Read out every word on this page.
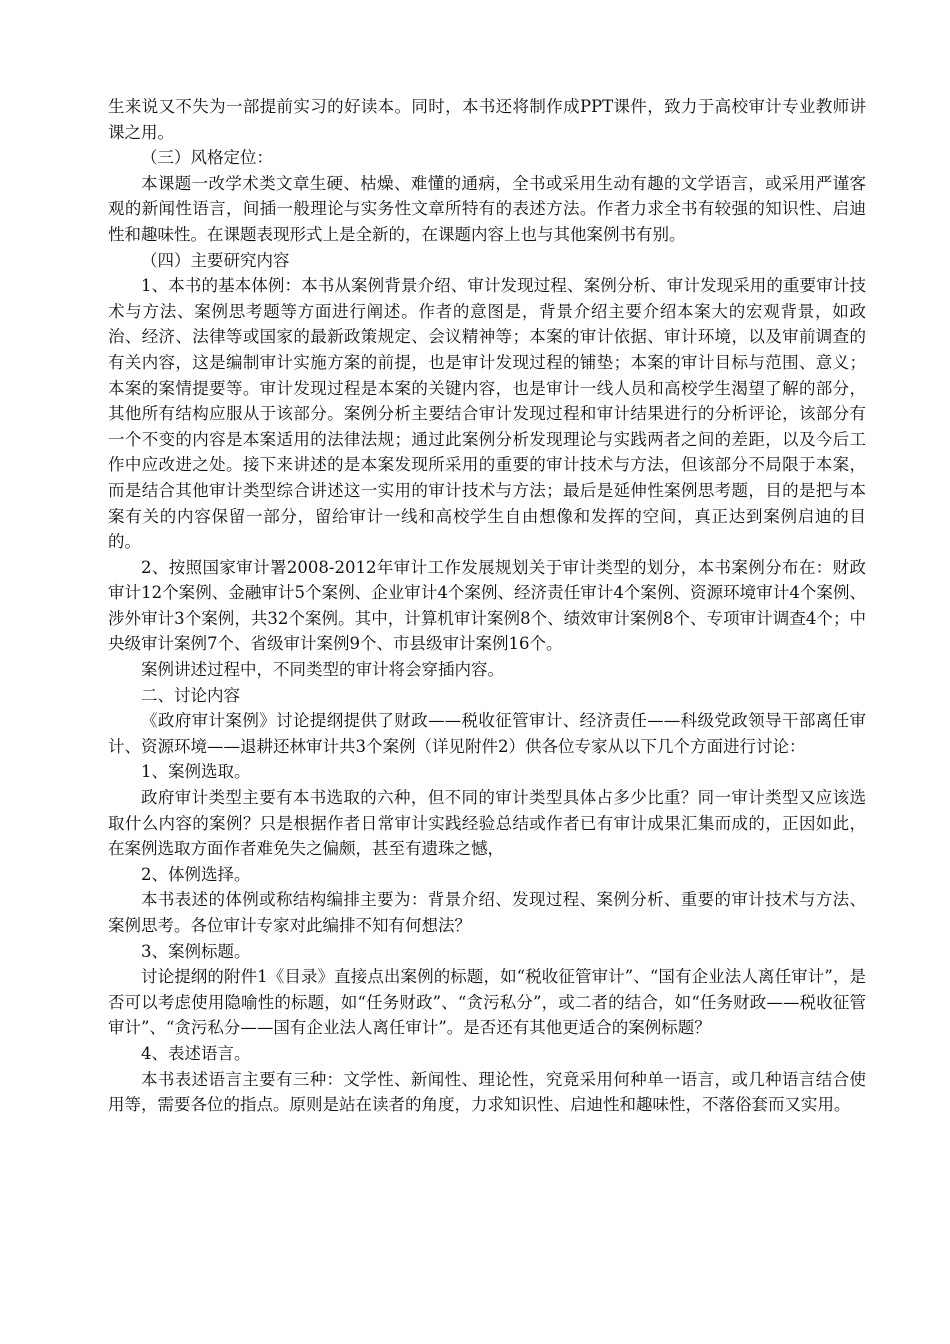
生来说又不失为一部提前实习的好读本。同时，本书还将制作成PPT课件，致力于高校审计专业教师讲课之用。

（三）风格定位：

本课题一改学术类文章生硬、枯燥、难懂的通病，全书或采用生动有趣的文学语言，或采用严谨客观的新闻性语言，间插一般理论与实务性文章所特有的表述方法。作者力求全书有较强的知识性、启迪性和趣味性。在课题表现形式上是全新的，在课题内容上也与其他案例书有别。

（四）主要研究内容

1、本书的基本体例：本书从案例背景介绍、审计发现过程、案例分析、审计发现采用的重要审计技术与方法、案例思考题等方面进行阐述。作者的意图是，背景介绍主要介绍本案大的宏观背景，如政治、经济、法律等或国家的最新政策规定、会议精神等；本案的审计依据、审计环境，以及审前调查的有关内容，这是编制审计实施方案的前提，也是审计发现过程的铺垫；本案的审计目标与范围、意义；本案的案情提要等。审计发现过程是本案的关键内容，也是审计一线人员和高校学生渴望了解的部分，其他所有结构应服从于该部分。案例分析主要结合审计发现过程和审计结果进行的分析评论，该部分有一个不变的内容是本案适用的法律法规；通过此案例分析发现理论与实践两者之间的差距，以及今后工作中应改进之处。接下来讲述的是本案发现所采用的重要的审计技术与方法，但该部分不局限于本案，而是结合其他审计类型综合讲述这一实用的审计技术与方法；最后是延伸性案例思考题，目的是把与本案有关的内容保留一部分，留给审计一线和高校学生自由想像和发挥的空间，真正达到案例启迪的目的。

2、按照国家审计署2008-2012年审计工作发展规划关于审计类型的划分，本书案例分布在：财政审计12个案例、金融审计5个案例、企业审计4个案例、经济责任审计4个案例、资源环境审计4个案例、涉外审计3个案例，共32个案例。其中，计算机审计案例8个、绩效审计案例8个、专项审计调查4个；中央级审计案例7个、省级审计案例9个、市县级审计案例16个。

案例讲述过程中，不同类型的审计将会穿插内容。

二、讨论内容

《政府审计案例》讨论提纲提供了财政——税收征管审计、经济责任——科级党政领导干部离任审计、资源环境——退耕还林审计共3个案例（详见附件2）供各位专家从以下几个方面进行讨论：

1、案例选取。

政府审计类型主要有本书选取的六种，但不同的审计类型具体占多少比重？同一审计类型又应该选取什么内容的案例？只是根据作者日常审计实践经验总结或作者已有审计成果汇集而成的，正因如此，在案例选取方面作者难免失之偏颇，甚至有遗珠之憾，

2、体例选择。

本书表述的体例或称结构编排主要为：背景介绍、发现过程、案例分析、重要的审计技术与方法、案例思考。各位审计专家对此编排不知有何想法？

3、案例标题。

讨论提纲的附件1《目录》直接点出案例的标题，如“税收征管审计”、“国有企业法人离任审计”，是否可以考虑使用隐喻性的标题，如“任务财政”、“贪污私分”，或二者的结合，如“任务财政——税收征管审计”、“贪污私分——国有企业法人离任审计”。是否还有其他更适合的案例标题？

4、表述语言。

本书表述语言主要有三种：文学性、新闻性、理论性，究竟采用何种单一语言，或几种语言结合使用等，需要各位的指点。原则是站在读者的角度，力求知识性、启迪性和趣味性，不落俗套而又实用。
